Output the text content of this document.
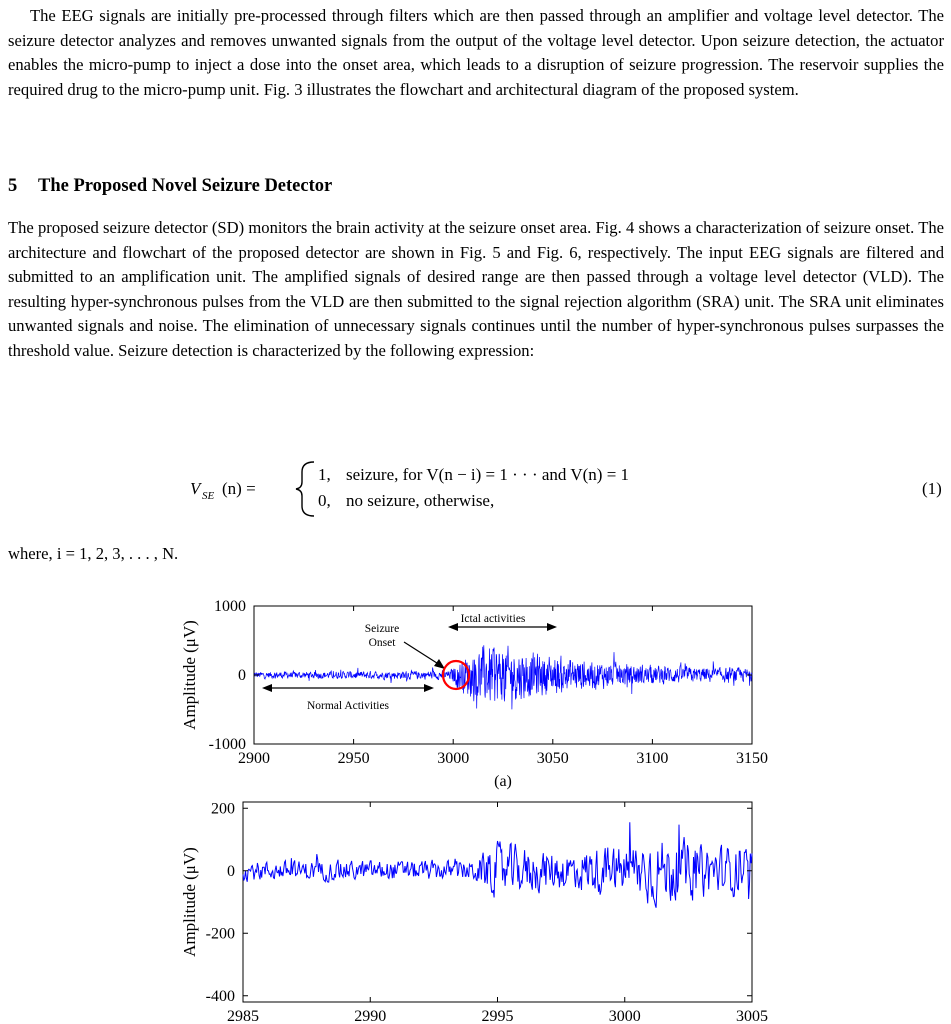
The EEG signals are initially pre-processed through filters which are then passed through an amplifier and voltage level detector. The seizure detector analyzes and removes unwanted signals from the output of the voltage level detector. Upon seizure detection, the actuator enables the micro-pump to inject a dose into the onset area, which leads to a disruption of seizure progression. The reservoir supplies the required drug to the micro-pump unit. Fig. 3 illustrates the flowchart and architectural diagram of the proposed system.

5 The Proposed Novel Seizure Detector

The proposed seizure detector (SD) monitors the brain activity at the seizure onset area. Fig. 4 shows a characterization of seizure onset. The architecture and flowchart of the proposed detector are shown in Fig. 5 and Fig. 6, respectively. The input EEG signals are filtered and submitted to an amplification unit. The amplified signals of desired range are then passed through a voltage level detector (VLD). The resulting hyper-synchronous pulses from the VLD are then submitted to the signal rejection algorithm (SRA) unit. The SRA unit eliminates unwanted signals and noise. The elimination of unnecessary signals continues until the number of hyper-synchronous pulses surpasses the threshold value. Seizure detection is characterized by the following expression:

V SE (n) =
1, seizure, for V(n − i) = 1 · · · and V(n) = 1
0, no seizure, otherwise,
(1)

where, i = 1, 2, 3, . . . , N.

2900	2950	3000	3050	3100	3150
-1000
0
1000
Amplitude (μV)
(a)
Ictal activities
Seizure
Onset
Normal Activities
2985	2990	2995	3000	3005
-400
-200
0
200
Amplitude (μV)
